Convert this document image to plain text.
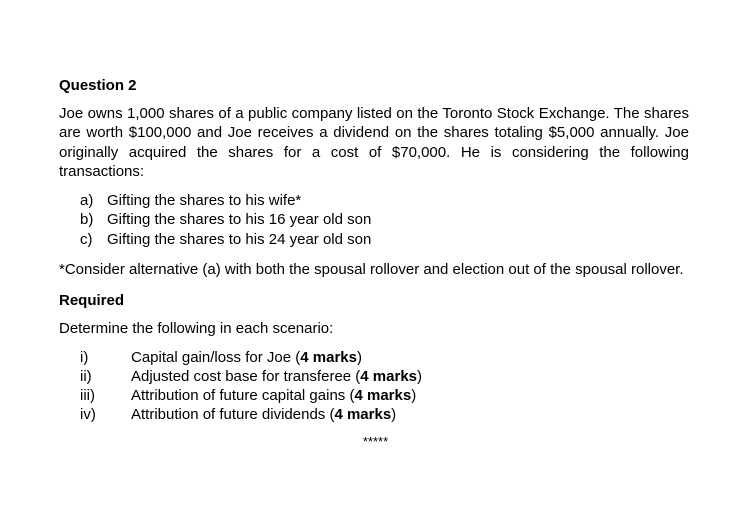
Question 2

Joe owns 1,000 shares of a public company listed on the Toronto Stock Exchange. The shares are worth $100,000 and Joe receives a dividend on the shares totaling $5,000 annually. Joe originally acquired the shares for a cost of $70,000. He is considering the following transactions:

a) Gifting the shares to his wife*
b) Gifting the shares to his 16 year old son
c) Gifting the shares to his 24 year old son

*Consider alternative (a) with both the spousal rollover and election out of the spousal rollover.

Required

Determine the following in each scenario:

i)	Capital gain/loss for Joe (4 marks)
ii)	Adjusted cost base for transferee (4 marks)
iii)	Attribution of future capital gains (4 marks)
iv)	Attribution of future dividends (4 marks)
*****
